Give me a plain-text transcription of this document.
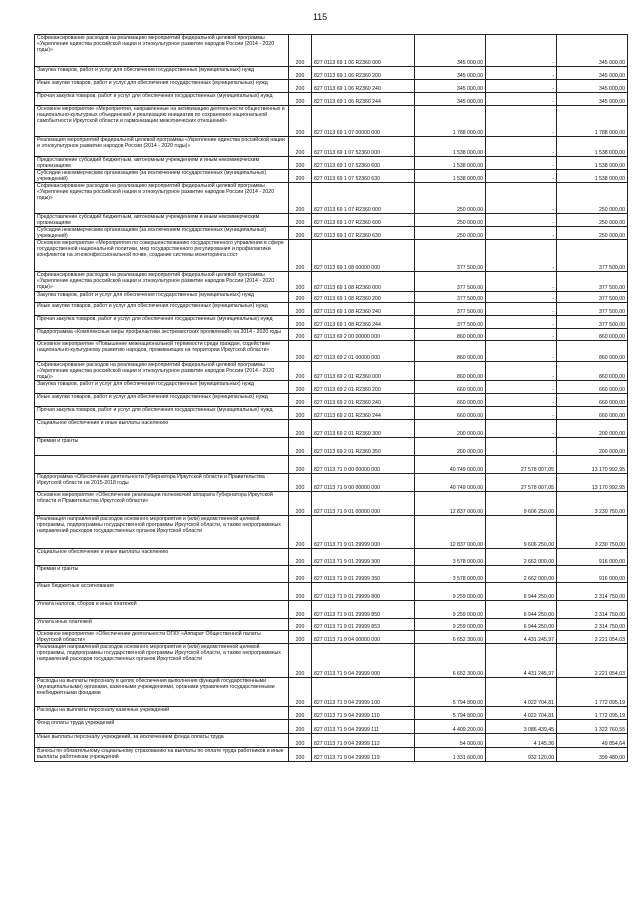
115
Софинансирование расходов на реализацию мероприятий федеральной целевой программы «Укрепление единства российской нации и этнокультурное развитие народов России (2014 - 2020 годы)»	200	827 0113 69 1 06 R2360 000	345 000,00	-	345 000,00
Закупка товаров, работ и услуг для обеспечения государственных (муниципальных) нужд	200	827 0113 69 1 06 R2360 200	345 000,00	-	345 000,00
Иные закупки товаров, работ и услуг для обеспечения государственных (муниципальных) нужд	200	827 0113 69 1 06 R2360 240	345 000,00	-	345 000,00
Прочая закупка товаров, работ и услуг для обеспечения государственных (муниципальных) нужд	200	827 0113 69 1 06 R2360 244	345 000,00	-	345 000,00
Основное мероприятие «Мероприятия, направленные на активизацию деятельности общественных и национально-культурных объединений и реализацию инициатив по сохранению национальной самобытности Иркутской области и гармонизации межэтнических отношений»	200	827 0113 69 1 07 00000 000	1 788 000,00	-	1 788 000,00
Реализация мероприятий федеральной целевой программы «Укрепление единства российской нации и этнокультурное развитие народов России (2014 - 2020 годы)»	200	827 0113 69 1 07 52360 000	1 538 000,00	-	1 538 000,00
Предоставление субсидий бюджетным, автономным учреждениям и иным некоммерческим организациям	200	827 0113 69 1 07 52360 600	1 538 000,00	-	1 538 000,00
Субсидии некоммерческим организациям (за исключением государственных (муниципальных) учреждений)	200	827 0113 69 1 07 52360 630	1 538 000,00	-	1 538 000,00
Софинансирование расходов на реализацию мероприятий федеральной целевой программы «Укрепление единства российской нации и этнокультурное развитие народов России (2014 - 2020 годы)»	200	827 0113 69 1 07 R2360 000	250 000,00	-	250 000,00
Предоставление субсидий бюджетным, автономным учреждениям и иным некоммерческим организациям	200	827 0113 69 1 07 R2360 600	250 000,00	-	250 000,00
Субсидии некоммерческим организациям (за исключением государственных (муниципальных) учреждений)	200	827 0113 69 1 07 R2360 630	250 000,00	-	250 000,00
Основное мероприятие «Мероприятия по совершенствованию государственного управления в сфере государственной национальной политики, мер государственного регулирования и профилактики конфликтов на этноконфессиональной почве, создание системы мониторинга сост	200	827 0113 69 1 08 00000 000	377 500,00	-	377 500,00
Софинансирование расходов на реализацию мероприятий федеральной целевой программы «Укрепление единства российской нации и этнокультурное развитие народов России (2014 - 2020 годы)»	200	827 0113 69 1 08 R2360 000	377 500,00	-	377 500,00
Закупка товаров, работ и услуг для обеспечения государственных (муниципальных) нужд	200	827 0113 69 1 08 R2360 200	377 500,00	-	377 500,00
Иные закупки товаров, работ и услуг для обеспечения государственных (муниципальных) нужд	200	827 0113 69 1 08 R2360 240	377 500,00	-	377 500,00
Прочая закупка товаров, работ и услуг для обеспечения государственных (муниципальных) нужд	200	827 0113 69 1 08 R2360 244	377 500,00	-	377 500,00
Подпрограмма «Комплексные меры профилактики экстремистских проявлений» на 2014 - 2020 годы	200	827 0113 69 2 00 00000 000	860 000,00	-	860 000,00
Основное мероприятие «Повышение межнациональной терпимости среди граждан, содействие национально-культурному развитию народов, проживающих на территории Иркутской области»	200	827 0113 69 2 01 00000 000	860 000,00	-	860 000,00
Софинансирование расходов на реализацию мероприятий федеральной целевой программы «Укрепление единства российской нации и этнокультурное развитие народов России (2014 - 2020 годы)»	200	827 0113 69 2 01 R2360 000	860 000,00	-	860 000,00
Закупка товаров, работ и услуг для обеспечения государственных (муниципальных) нужд	200	827 0113 69 2 01 R2360 200	660 000,00	-	660 000,00
Иные закупки товаров, работ и услуг для обеспечения государственных (муниципальных) нужд	200	827 0113 69 2 01 R2360 240	660 000,00	-	660 000,00
Прочая закупка товаров, работ и услуг для обеспечения государственных (муниципальных) нужд	200	827 0113 69 2 01 R2360 244	660 000,00	-	660 000,00
Социальное обеспечение и иные выплаты населению	200	827 0113 69 2 01 R2360 300	200 000,00	-	200 000,00
Премии и гранты	200	827 0113 69 2 01 R2360 350	200 000,00	-	200 000,00
	200	827 0113 71 0 00 00000 000	40 749 000,00	27 578 007,05	13 170 992,95
Подпрограмма «Обеспечение деятельности Губернатора Иркутской области и Правительства Иркутской области на 2015-2018 годы	200	827 0113 71 9 00 00000 000	40 749 000,00	27 578 007,05	13 170 992,95
Основное мероприятие «Обеспечение реализации полномочий аппарата Губернатора Иркутской области и Правительства Иркутской области»	200	827 0113 71 9 01 00000 000	12 837 000,00	9 606 250,00	3 230 750,00
Реализация направлений расходов основного мероприятия и (или) ведомственной целевой программы, подпрограммы государственной программы Иркутской области, а также непрограммных направлений расходов государственных органов Иркутской области	200	827 0113 71 9 01 29999 000	12 837 000,00	9 606 250,00	3 230 750,00
Социальное обеспечение и иные выплаты населению	200	827 0113 71 9 01 29999 300	3 578 000,00	2 662 000,00	916 000,00
Премии и гранты	200	827 0113 71 9 01 29999 350	3 578 000,00	2 662 000,00	916 000,00
Иные бюджетные ассигнования	200	827 0113 71 9 01 29999 800	9 259 000,00	6 944 250,00	2 314 750,00
Уплата налогов, сборов и иных платежей	200	827 0113 71 9 01 29999 850	9 259 000,00	6 944 250,00	2 314 750,00
Уплата иных платежей	200	827 0113 71 9 01 29999 853	9 259 000,00	6 944 250,00	2 314 750,00
Основное мероприятие «Обеспечение деятельности ОГКУ «Аппарат Общественной палаты Иркутской области»	200	827 0113 71 9 04 00000 000	6 652 300,00	4 431 245,97	2 221 054,03
Реализация направлений расходов основного мероприятия и (или) ведомственной целевой программы, подпрограммы государственной программы Иркутской области, а также непрограммных направлений расходов государственных органов Иркутской области	200	827 0113 71 9 04 29999 000	6 652 300,00	4 431 245,97	2 221 054,03
Расходы на выплаты персоналу в целях обеспечения выполнения функций государственными (муниципальными) органами, казенными учреждениями, органами управления государственными внебюджетными фондами	200	827 0113 71 9 04 29999 100	5 794 800,00	4 022 704,81	1 772 095,19
Расходы на выплаты персоналу казенных учреждений	200	827 0113 71 9 04 29999 110	5 794 800,00	4 022 704,81	1 772 095,19
Фонд оплаты труда учреждений	200	827 0113 71 9 04 29999 111	4 409 200,00	3 086 439,45	1 322 760,55
Иные выплаты персоналу учреждений, за исключением фонда оплаты труда	200	827 0113 71 9 04 29999 112	54 000,00	4 145,36	49 854,64
Взносы по обязательному социальному страхованию на выплаты по оплате труда работников и иные выплаты работникам учреждений	200	827 0113 71 9 04 29999 119	1 331 600,00	932 120,00	399 480,00
